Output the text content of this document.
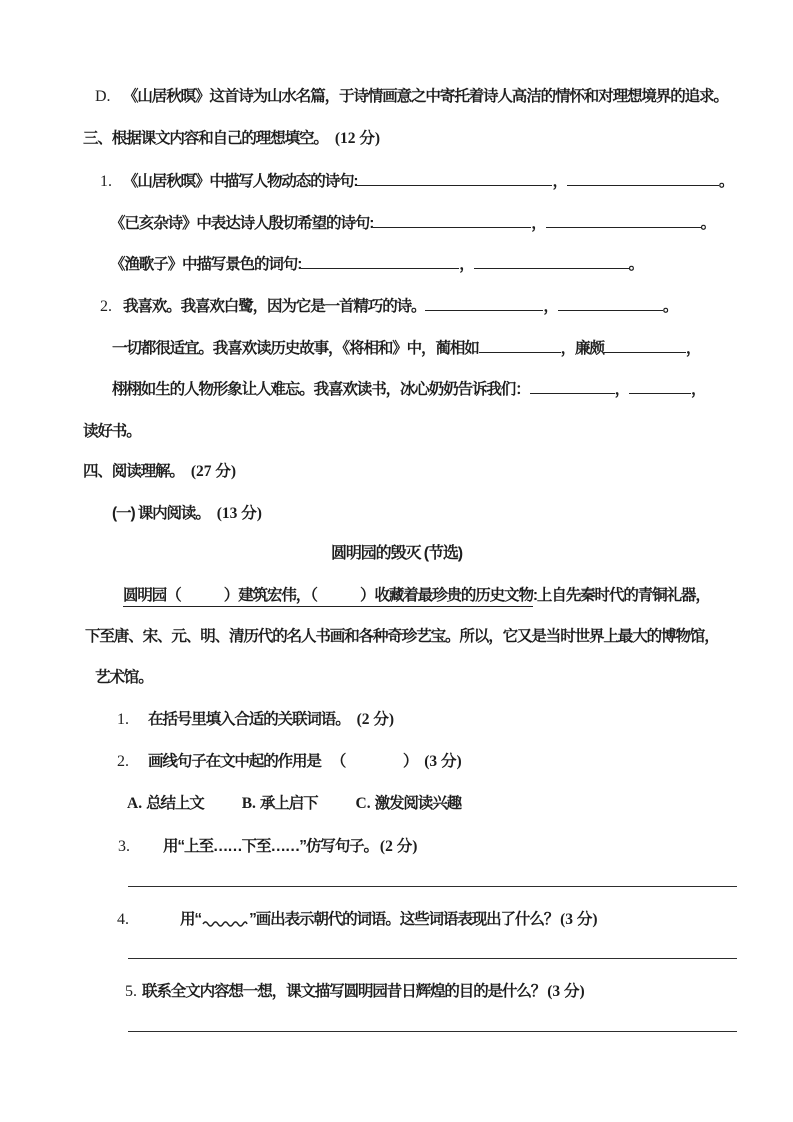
D. 《山居秋暝》这首诗为山水名篇，于诗情画意之中寄托着诗人高洁的情怀和对理想境界的追求。
三、根据课文内容和自己的理想填空。 (12 分)
1. 《山居秋暝》中描写人物动态的诗句:	，	。
《已亥杂诗》中表达诗人殷切希望的诗句:	，	。
《渔歌子》中描写景色的词句:	，	。
2. 我喜欢。我喜欢白鹭，因为它是一首精巧的诗。	，	。
一切都很适宜。我喜欢读历史故事，《将相和》中，蔺相如	，廉颇	，
栩栩如生的人物形象让人难忘。我喜欢读书，冰心奶奶告诉我们：	，	，
读好书。
四、阅读理解。 (27 分)
(一) 课内阅读。 (13 分)
圆明园的毁灭 (节选)
圆明园（　　　）建筑宏伟，（　　　）收藏着最珍贵的历史文物:上自先秦时代的青铜礼器，
下至唐、宋、元、明、清历代的名人书画和各种奇珍艺宝。所以，它又是当时世界上最大的博物馆，
艺术馆。
1. 在括号里填入合适的关联词语。 (2 分)
2. 画线句子在文中起的作用是 （　　　　） (3 分)
A. 总结上文 B. 承上启下 C. 激发阅读兴趣
3. 用“上至……下至……”仿写句子。 (2 分)
4.	用“	”画出表示朝代的词语。这些词语表现出了什么？ (3 分)
5. 联系全文内容想一想，课文描写圆明园昔日辉煌的目的是什么？ (3 分)
